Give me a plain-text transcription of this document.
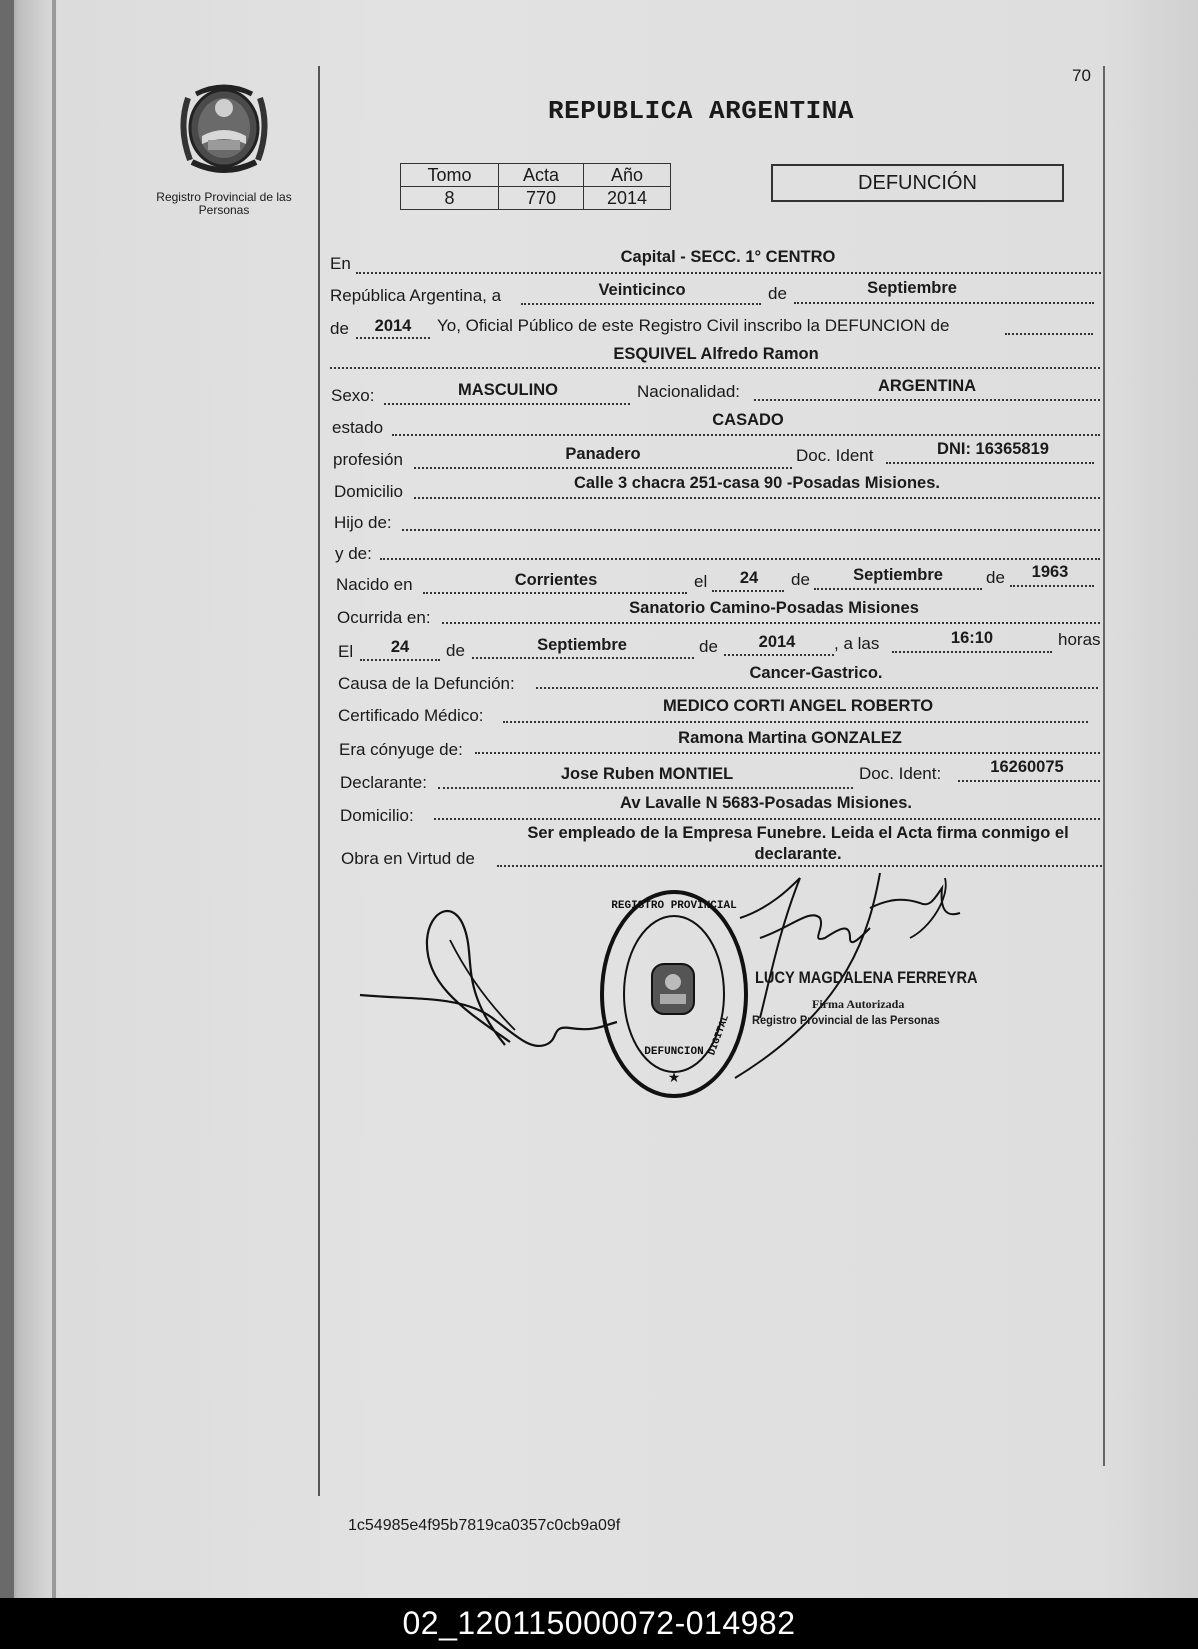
70
REPUBLICA ARGENTINA
Registro Provincial de las Personas
Tomo	Acta	Año
8	770	2014
DEFUNCIÓN
En	Capital - SECC. 1° CENTRO
República Argentina, a	Veinticinco	de	Septiembre
de 2014 Yo, Oficial Público de este Registro Civil inscribo la DEFUNCION de
ESQUIVEL Alfredo Ramon
Sexo:	MASCULINO	Nacionalidad:	ARGENTINA
estado	CASADO
profesión	Panadero	Doc. Ident	DNI: 16365819
Domicilio	Calle 3 chacra 251-casa 90 -Posadas Misiones.
Hijo de:
y de:
Nacido en	Corrientes	el 24 de	Septiembre	de 1963
Ocurrida en:	Sanatorio Camino-Posadas Misiones
El 24 de	Septiembre	de 2014 , a las	16:10	horas
Causa de la Defunción:
Cancer-Gastrico.
Certificado Médico:	MEDICO CORTI ANGEL ROBERTO
Era cónyuge de:
Ramona Martina GONZALEZ
Declarante:	Jose Ruben MONTIEL	Doc. Ident:	16260075
Domicilio:
Av Lavalle N 5683-Posadas Misiones.
Obra en Virtud de
Ser empleado de la Empresa Funebre. Leida el Acta firma conmigo el declarante.
REGISTRO PROVINCIAL
DEFUNCION DIGITAL
★
LUCY MAGDALENA FERREYRA
Firma Autorizada
Registro Provincial de las Personas
1c54985e4f95b7819ca0357c0cb9a09f
02_120115000072-014982
